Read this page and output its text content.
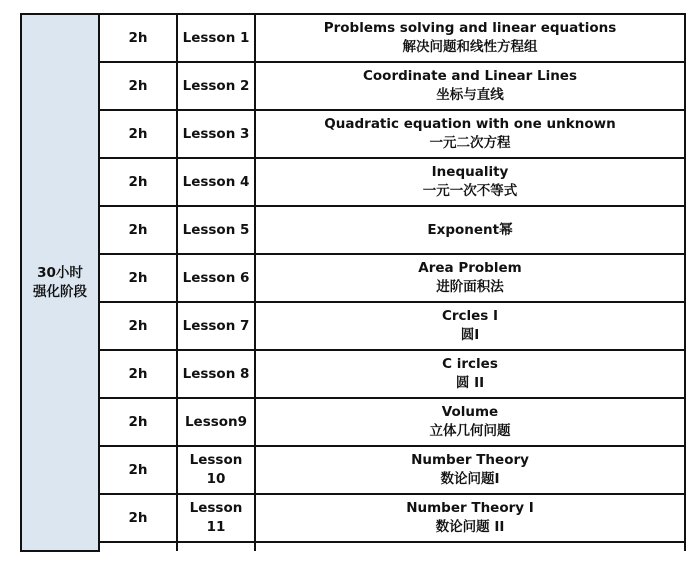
30小时
强化阶段	2h	Lesson 1	Problems solving and linear equations
解决问题和线性方程组

	2h	Lesson 2	Coordinate and Linear Lines
坐标与直线

	2h	Lesson 3	Quadratic equation with one unknown
一元二次方程

	2h	Lesson 4	Inequality
一元一次不等式

	2h	Lesson 5	Exponent幂

	2h	Lesson 6	Area Problem
进阶面积法

	2h	Lesson 7	Crcles I
圆I

	2h	Lesson 8	C ircles
圆 II

	2h	Lesson9	Volume
立体几何问题

	2h	Lesson 10	Number Theory
数论问题I

	2h	Lesson 11	Number Theory I
数论问题 II
